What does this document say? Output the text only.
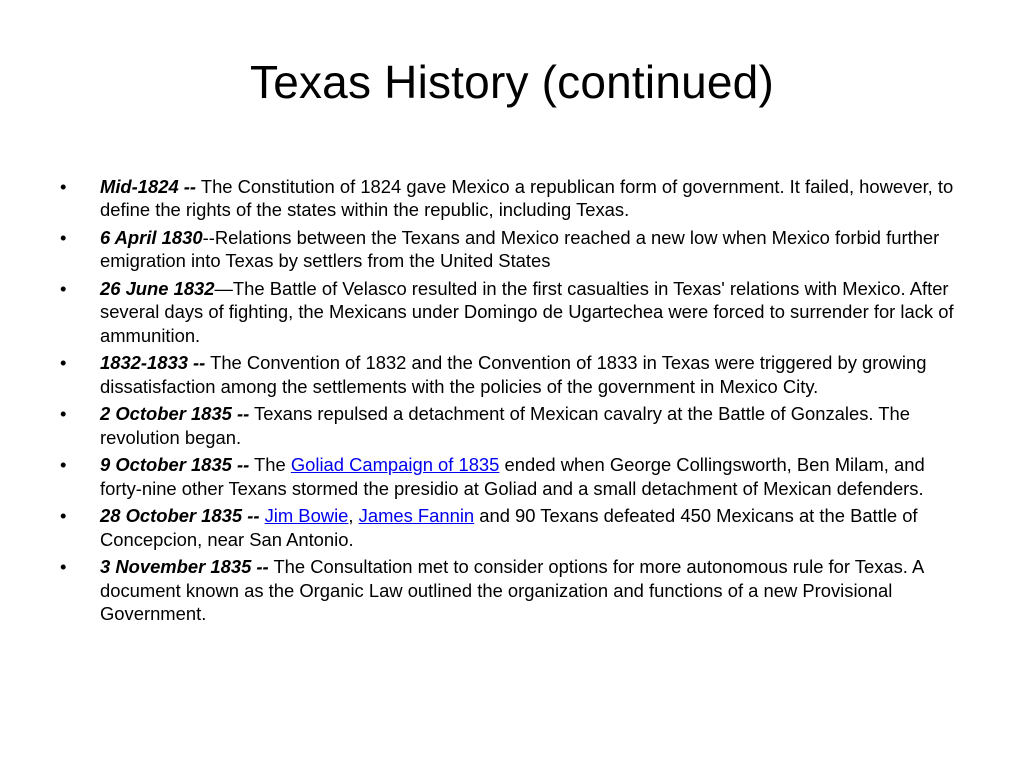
Texas History (continued)
•	Mid-1824 -- The Constitution of 1824 gave Mexico a republican form of government. It failed, however, to define the rights of the states within the republic, including Texas.
•	6 April 1830--Relations between the Texans and Mexico reached a new low when Mexico forbid further emigration into Texas by settlers from the United States
•	26 June 1832—The Battle of Velasco resulted in the first casualties in Texas' relations with Mexico. After several days of fighting, the Mexicans under Domingo de Ugartechea were forced to surrender for lack of ammunition.
•	1832-1833 -- The Convention of 1832 and the Convention of 1833 in Texas were triggered by growing dissatisfaction among the settlements with the policies of the government in Mexico City.
•	2 October 1835 -- Texans repulsed a detachment of Mexican cavalry at the Battle of Gonzales. The revolution began.
•	9 October 1835 -- The Goliad Campaign of 1835 ended when George Collingsworth, Ben Milam, and forty-nine other Texans stormed the presidio at Goliad and a small detachment of Mexican defenders.
•	28 October 1835 -- Jim Bowie, James Fannin and 90 Texans defeated 450 Mexicans at the Battle of Concepcion, near San Antonio.
•	3 November 1835 -- The Consultation met to consider options for more autonomous rule for Texas. A document known as the Organic Law outlined the organization and functions of a new Provisional Government.
